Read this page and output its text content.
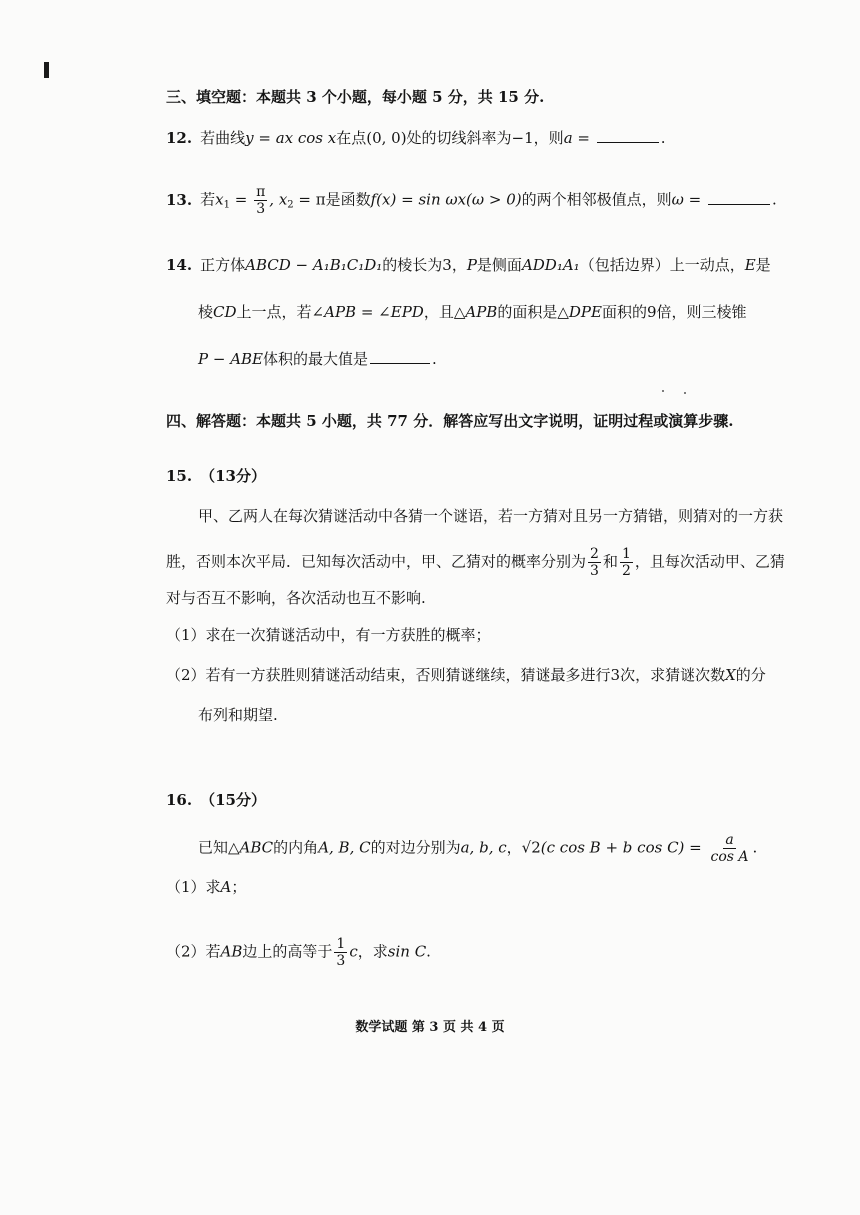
三、填空题：本题共 3 个小题，每小题 5 分，共 15 分.
12. 若曲线y = ax cos x在点(0, 0)处的切线斜率为−1，则a =	.
13. 若$x_1 = \frac{\pi}{3}$ , $x_2 = \pi$是函数f(x) = sin ωx(ω > 0)的两个相邻极值点，则ω =	.
14. 正方体ABCD − A₁B₁C₁D₁的棱长为3，P是侧面ADD₁A₁（包括边界）上一动点，E是
棱CD上一点，若∠APB = ∠EPD，且△APB的面积是△DPE面积的9倍，则三棱锥
P − ABE体积的最大值是	.
四、解答题：本题共 5 小题，共 77 分．解答应写出文字说明，证明过程或演算步骤.
15. （13分）
甲、乙两人在每次猜谜活动中各猜一个谜语，若一方猜对且另一方猜错，则猜对的一方获
胜，否则本次平局．已知每次活动中，甲、乙猜对的概率分别为 $\frac{2}{3}$ 和 $\frac{1}{2}$ ，且每次活动甲、乙猜
对与否互不影响，各次活动也互不影响.
（1）求在一次猜谜活动中，有一方获胜的概率；
（2）若有一方获胜则猜谜活动结束，否则猜谜继续，猜谜最多进行3次，求猜谜次数X的分
布列和期望.
16. （15分）
已知△ABC的内角A, B, C的对边分别为a, b, c，√2(c cos B + b $\cos C) = \frac{a}{\text{cos A}}$ .
（1）求A；
（2）若AB边上的高等于 $\frac{1}{3}$ c，求sin C.
数学试题 第 3 页 共 4 页
